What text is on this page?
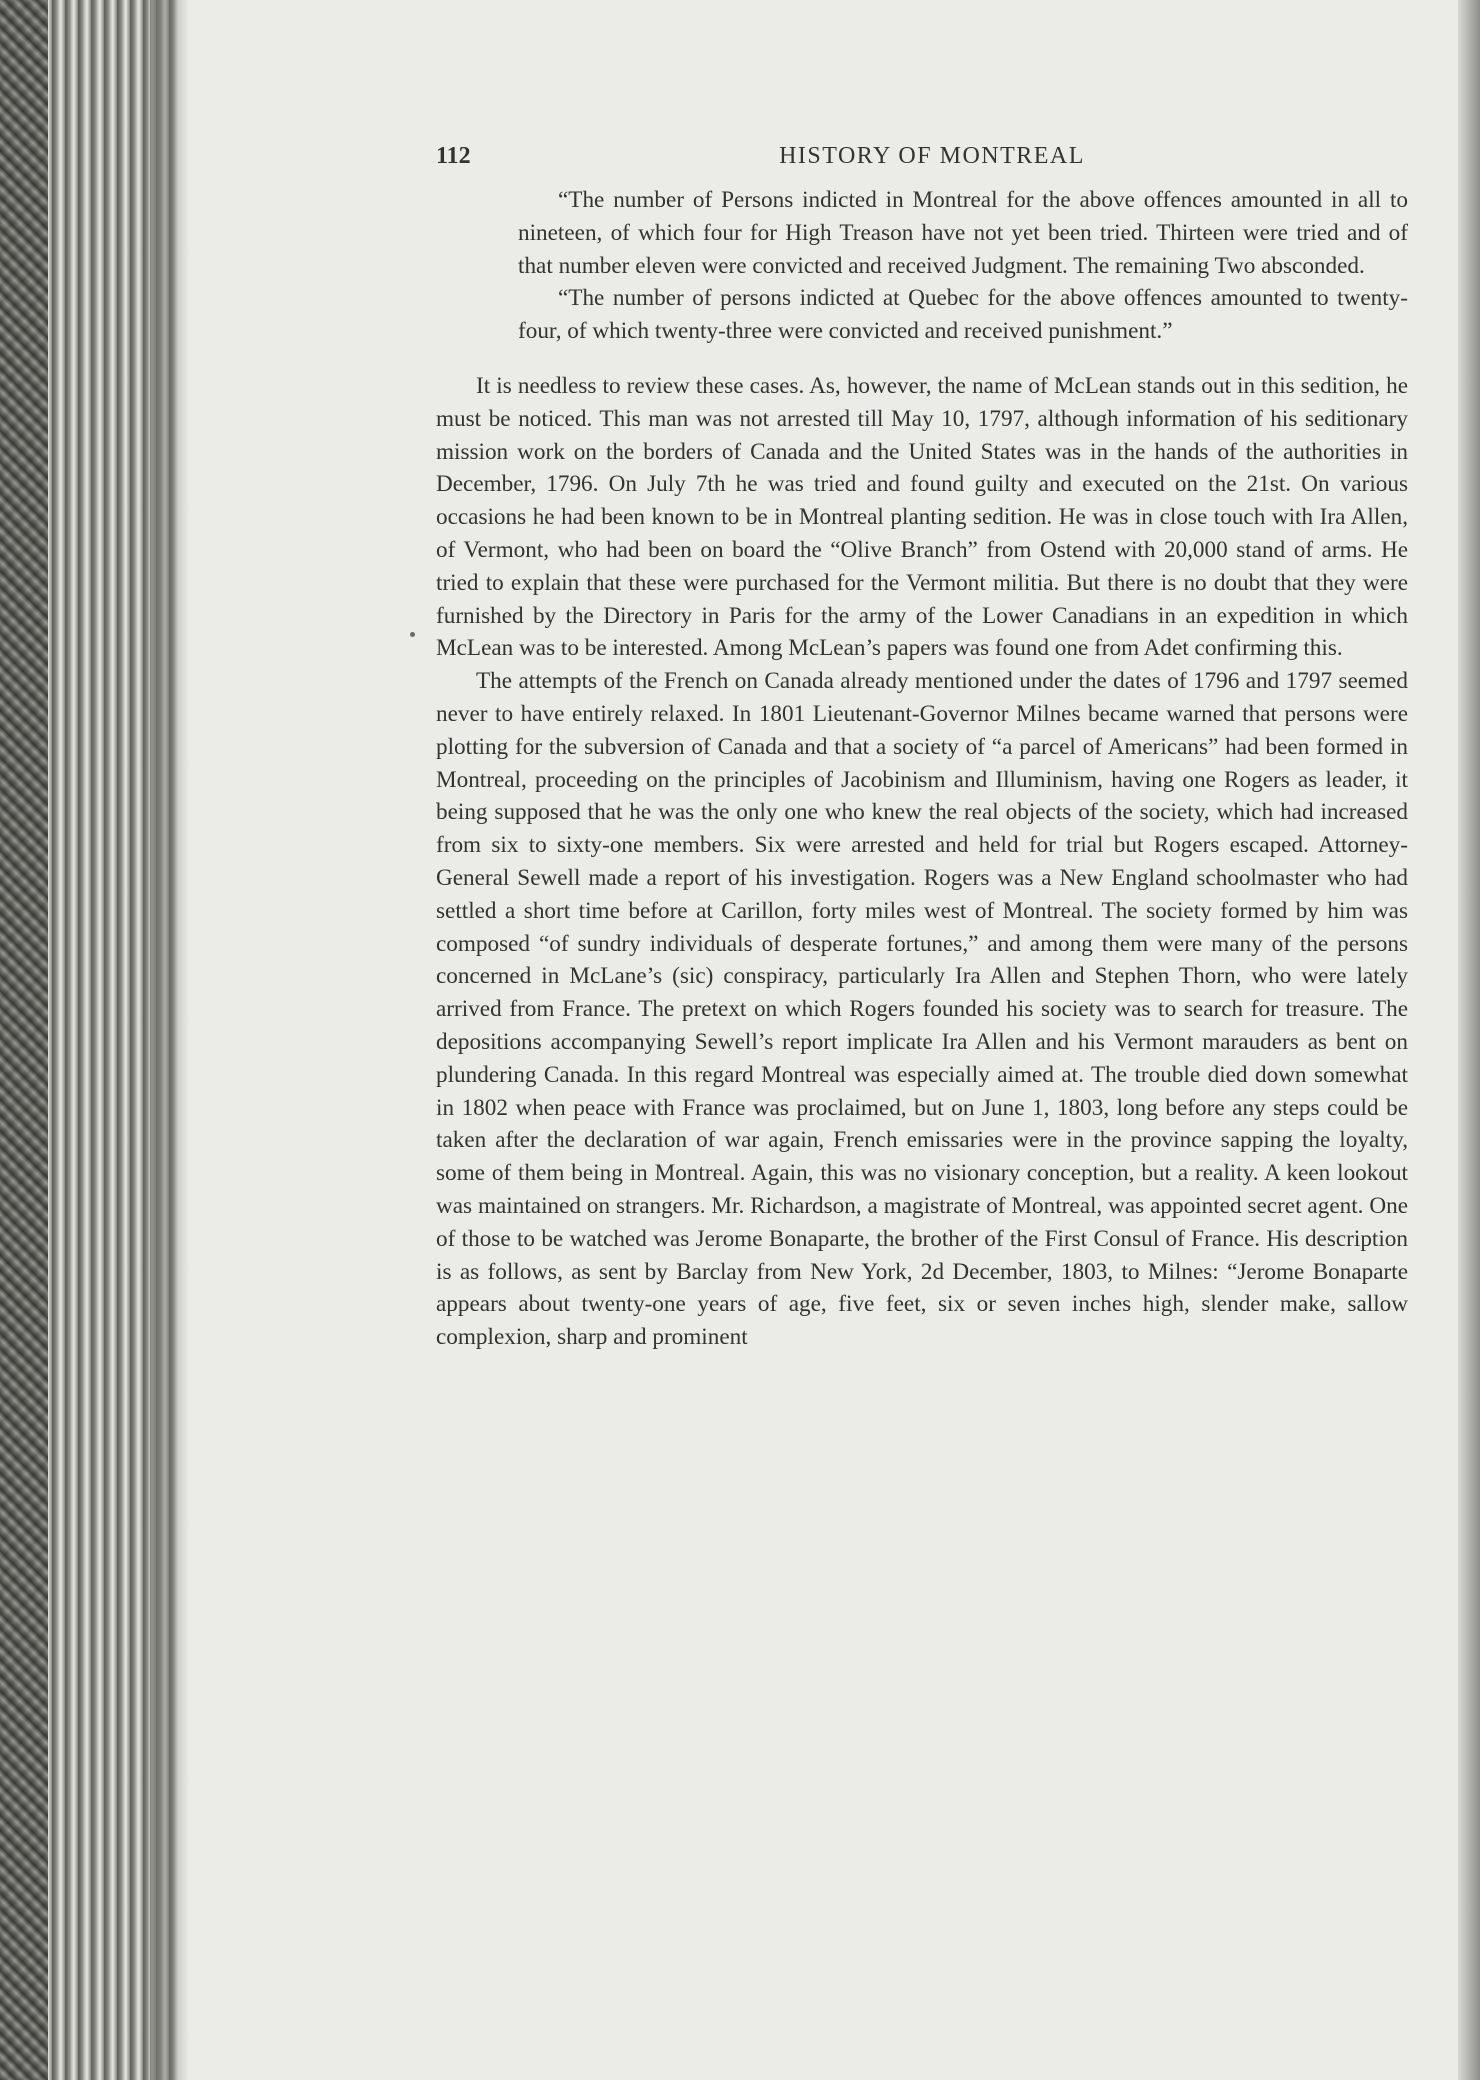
112	HISTORY OF MONTREAL

“The number of Persons indicted in Montreal for the above offences amounted in all to nineteen, of which four for High Treason have not yet been tried. Thirteen were tried and of that number eleven were convicted and received Judgment. The remaining Two absconded.

“The number of persons indicted at Quebec for the above offences amounted to twenty-four, of which twenty-three were convicted and received punishment.”

It is needless to review these cases. As, however, the name of McLean stands out in this sedition, he must be noticed. This man was not arrested till May 10, 1797, although information of his seditionary mission work on the borders of Canada and the United States was in the hands of the authorities in December, 1796. On July 7th he was tried and found guilty and executed on the 21st. On various occasions he had been known to be in Montreal planting sedition. He was in close touch with Ira Allen, of Vermont, who had been on board the “Olive Branch” from Ostend with 20,000 stand of arms. He tried to explain that these were purchased for the Vermont militia. But there is no doubt that they were furnished by the Directory in Paris for the army of the Lower Canadians in an expedition in which McLean was to be interested. Among McLean’s papers was found one from Adet confirming this.

The attempts of the French on Canada already mentioned under the dates of 1796 and 1797 seemed never to have entirely relaxed. In 1801 Lieutenant-Governor Milnes became warned that persons were plotting for the subversion of Canada and that a society of “a parcel of Americans” had been formed in Montreal, proceeding on the principles of Jacobinism and Illuminism, having one Rogers as leader, it being supposed that he was the only one who knew the real objects of the society, which had increased from six to sixty-one members. Six were arrested and held for trial but Rogers escaped. Attorney-General Sewell made a report of his investigation. Rogers was a New England schoolmaster who had settled a short time before at Carillon, forty miles west of Montreal. The society formed by him was composed “of sundry individuals of desperate fortunes,” and among them were many of the persons concerned in McLane’s (sic) conspiracy, particularly Ira Allen and Stephen Thorn, who were lately arrived from France. The pretext on which Rogers founded his society was to search for treasure. The depositions accompanying Sewell’s report implicate Ira Allen and his Vermont marauders as bent on plundering Canada. In this regard Montreal was especially aimed at. The trouble died down somewhat in 1802 when peace with France was proclaimed, but on June 1, 1803, long before any steps could be taken after the declaration of war again, French emissaries were in the province sapping the loyalty, some of them being in Montreal. Again, this was no visionary conception, but a reality. A keen lookout was maintained on strangers. Mr. Richardson, a magistrate of Montreal, was appointed secret agent. One of those to be watched was Jerome Bonaparte, the brother of the First Consul of France. His description is as follows, as sent by Barclay from New York, 2d December, 1803, to Milnes: “Jerome Bonaparte appears about twenty-one years of age, five feet, six or seven inches high, slender make, sallow complexion, sharp and prominent
